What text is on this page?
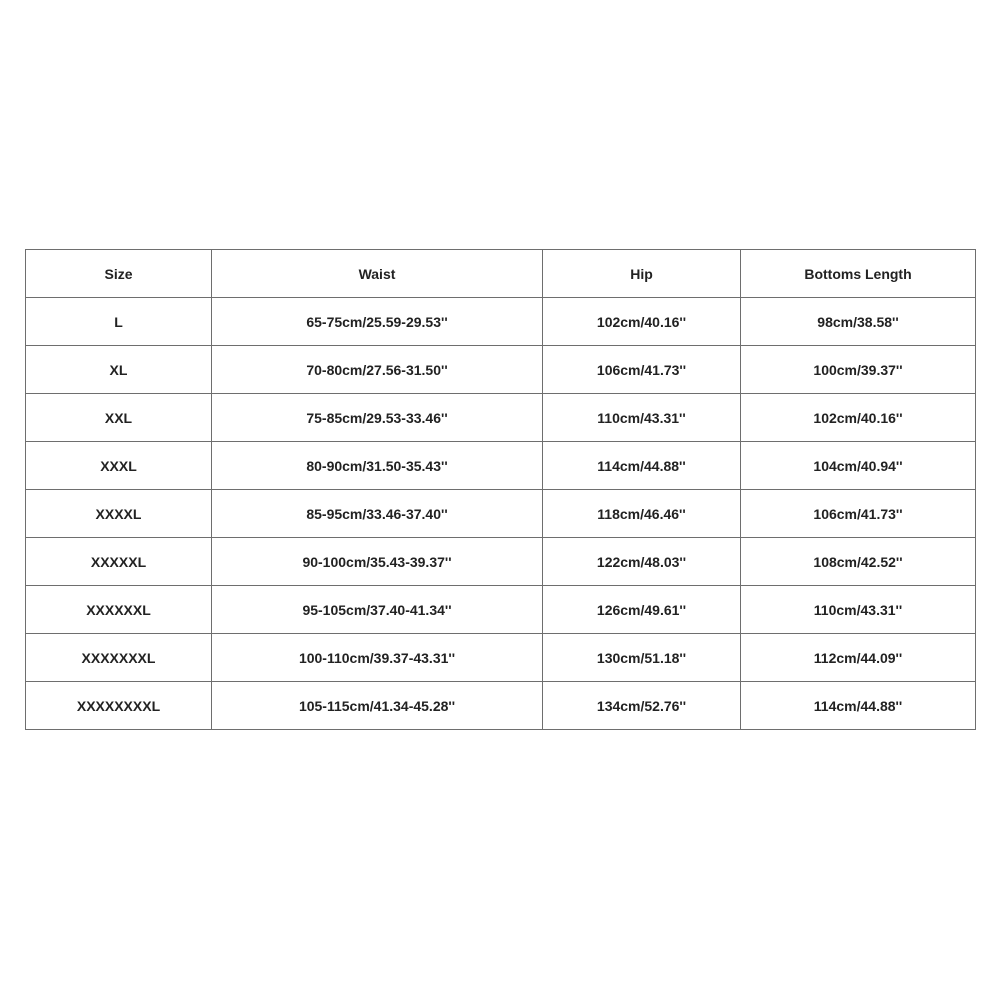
Size	Waist	Hip	Bottoms Length
L	65-75cm/25.59-29.53''	102cm/40.16''	98cm/38.58''
XL	70-80cm/27.56-31.50''	106cm/41.73''	100cm/39.37''
XXL	75-85cm/29.53-33.46''	110cm/43.31''	102cm/40.16''
XXXL	80-90cm/31.50-35.43''	114cm/44.88''	104cm/40.94''
XXXXL	85-95cm/33.46-37.40''	118cm/46.46''	106cm/41.73''
XXXXXL	90-100cm/35.43-39.37''	122cm/48.03''	108cm/42.52''
XXXXXXL	95-105cm/37.40-41.34''	126cm/49.61''	110cm/43.31''
XXXXXXXL	100-110cm/39.37-43.31''	130cm/51.18''	112cm/44.09''
XXXXXXXXL	105-115cm/41.34-45.28''	134cm/52.76''	114cm/44.88''
